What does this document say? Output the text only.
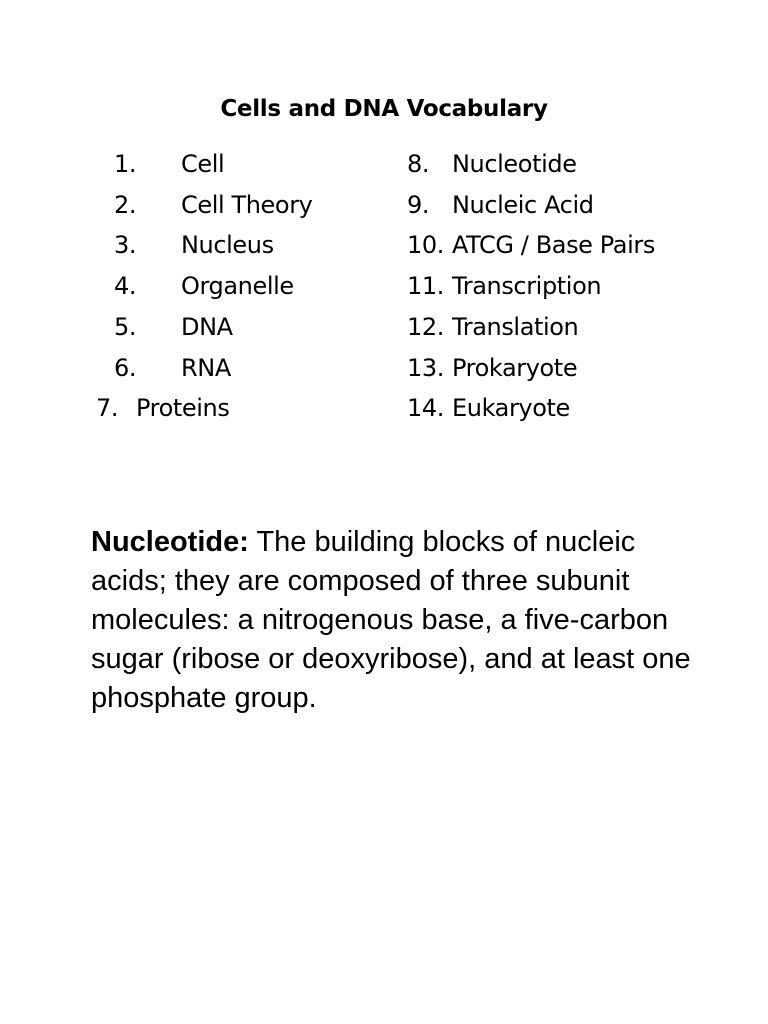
Cells and DNA Vocabulary
1. Cell
2. Cell Theory
3. Nucleus
4. Organelle
5. DNA
6. RNA
7. Proteins
8. Nucleotide
9. Nucleic Acid
10. ATCG / Base Pairs
11. Transcription
12. Translation
13. Prokaryote
14. Eukaryote

Nucleotide: The building blocks of nucleic acids; they are composed of three subunit molecules: a nitrogenous base, a five-carbon sugar (ribose or deoxyribose), and at least one phosphate group.
